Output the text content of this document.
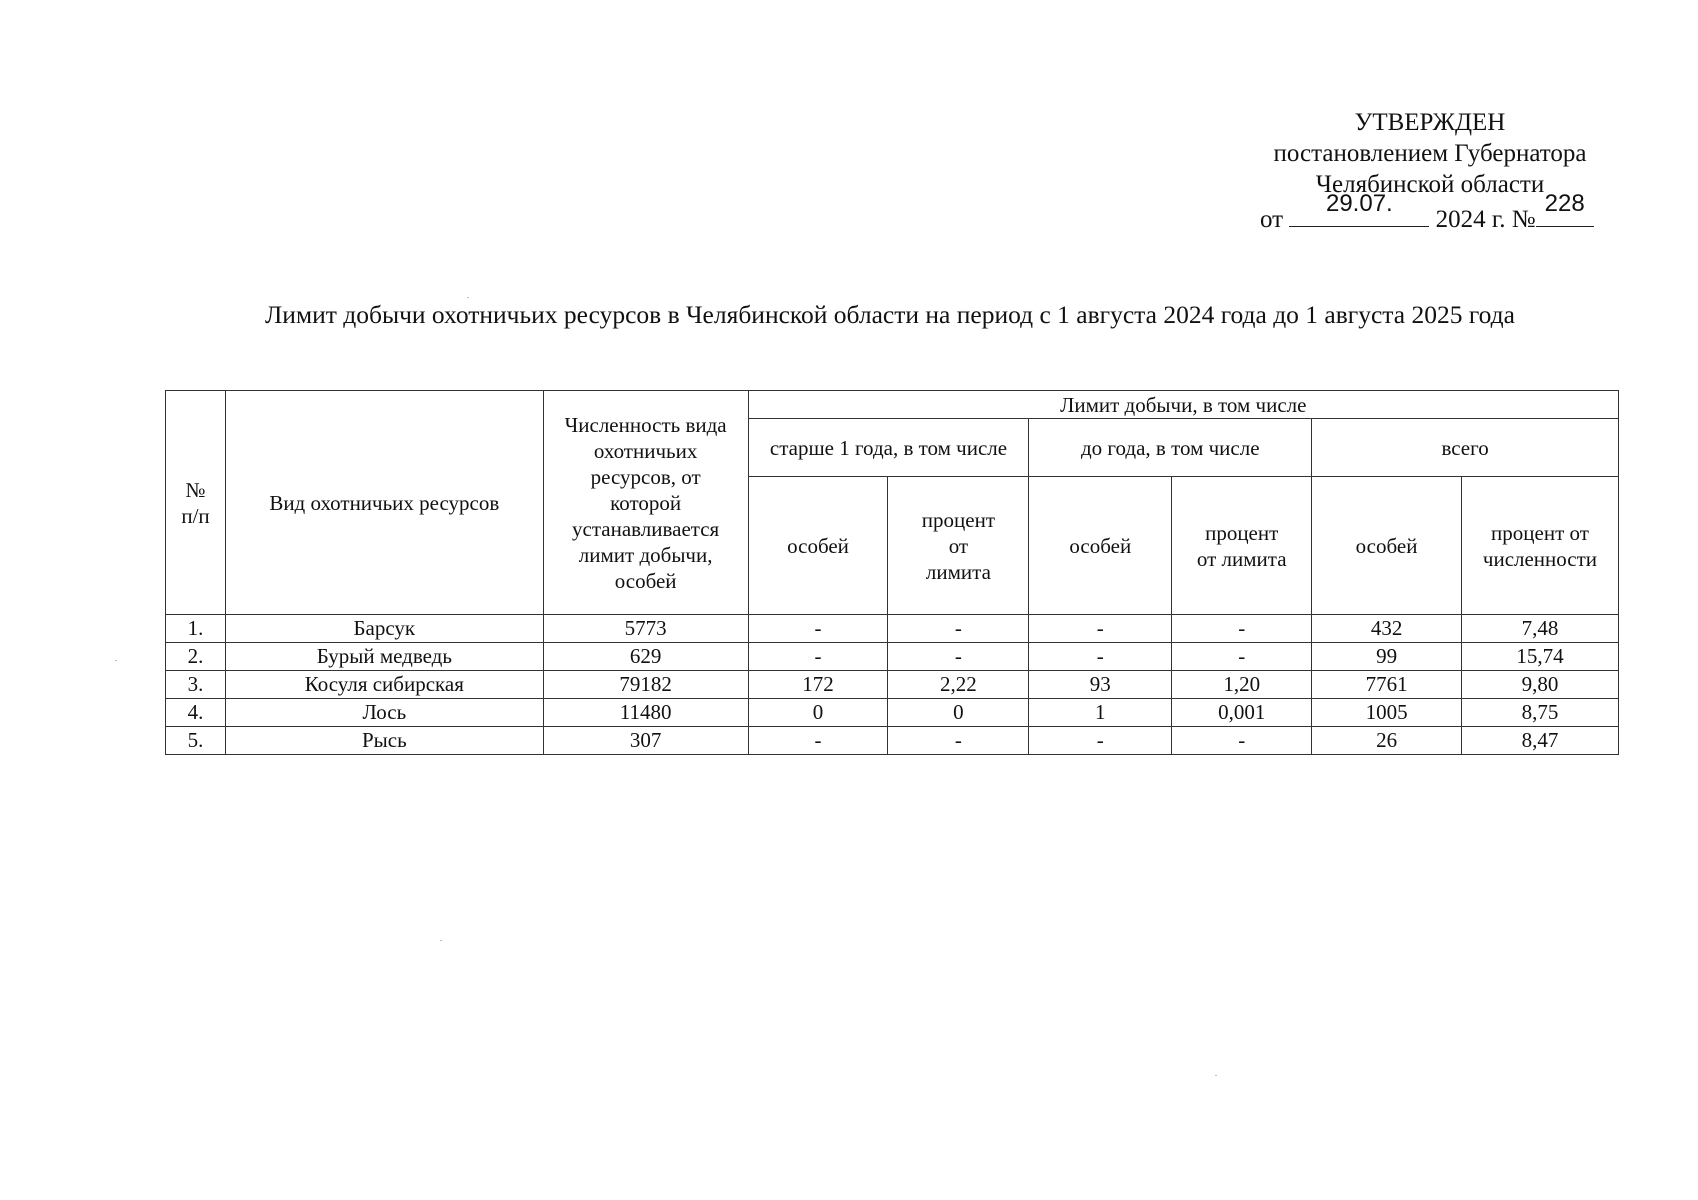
УТВЕРЖДЕН
постановлением Губернатора
Челябинской области
от
29.07.
2024 г. №
228
Лимит добычи охотничьих ресурсов в Челябинской области на период с 1 августа 2024 года до 1 августа 2025 года
№ п/п	Вид охотничьих ресурсов	Численность вида охотничьих ресурсов, от которой устанавливается лимит добычи, особей	Лимит добычи, в том числе					
			старше 1 года, в том числе		до года, в том числе		всего	
			особей	процент от лимита	особей	процент от лимита	особей	процент от численности
1.	Барсук	5773	-	-	-	-	432	7,48
2.	Бурый медведь	629	-	-	-	-	99	15,74
3.	Косуля сибирская	79182	172	2,22	93	1,20	7761	9,80
4.	Лось	11480	0	0	1	0,001	1005	8,75
5.	Рысь	307	-	-	-	-	26	8,47
